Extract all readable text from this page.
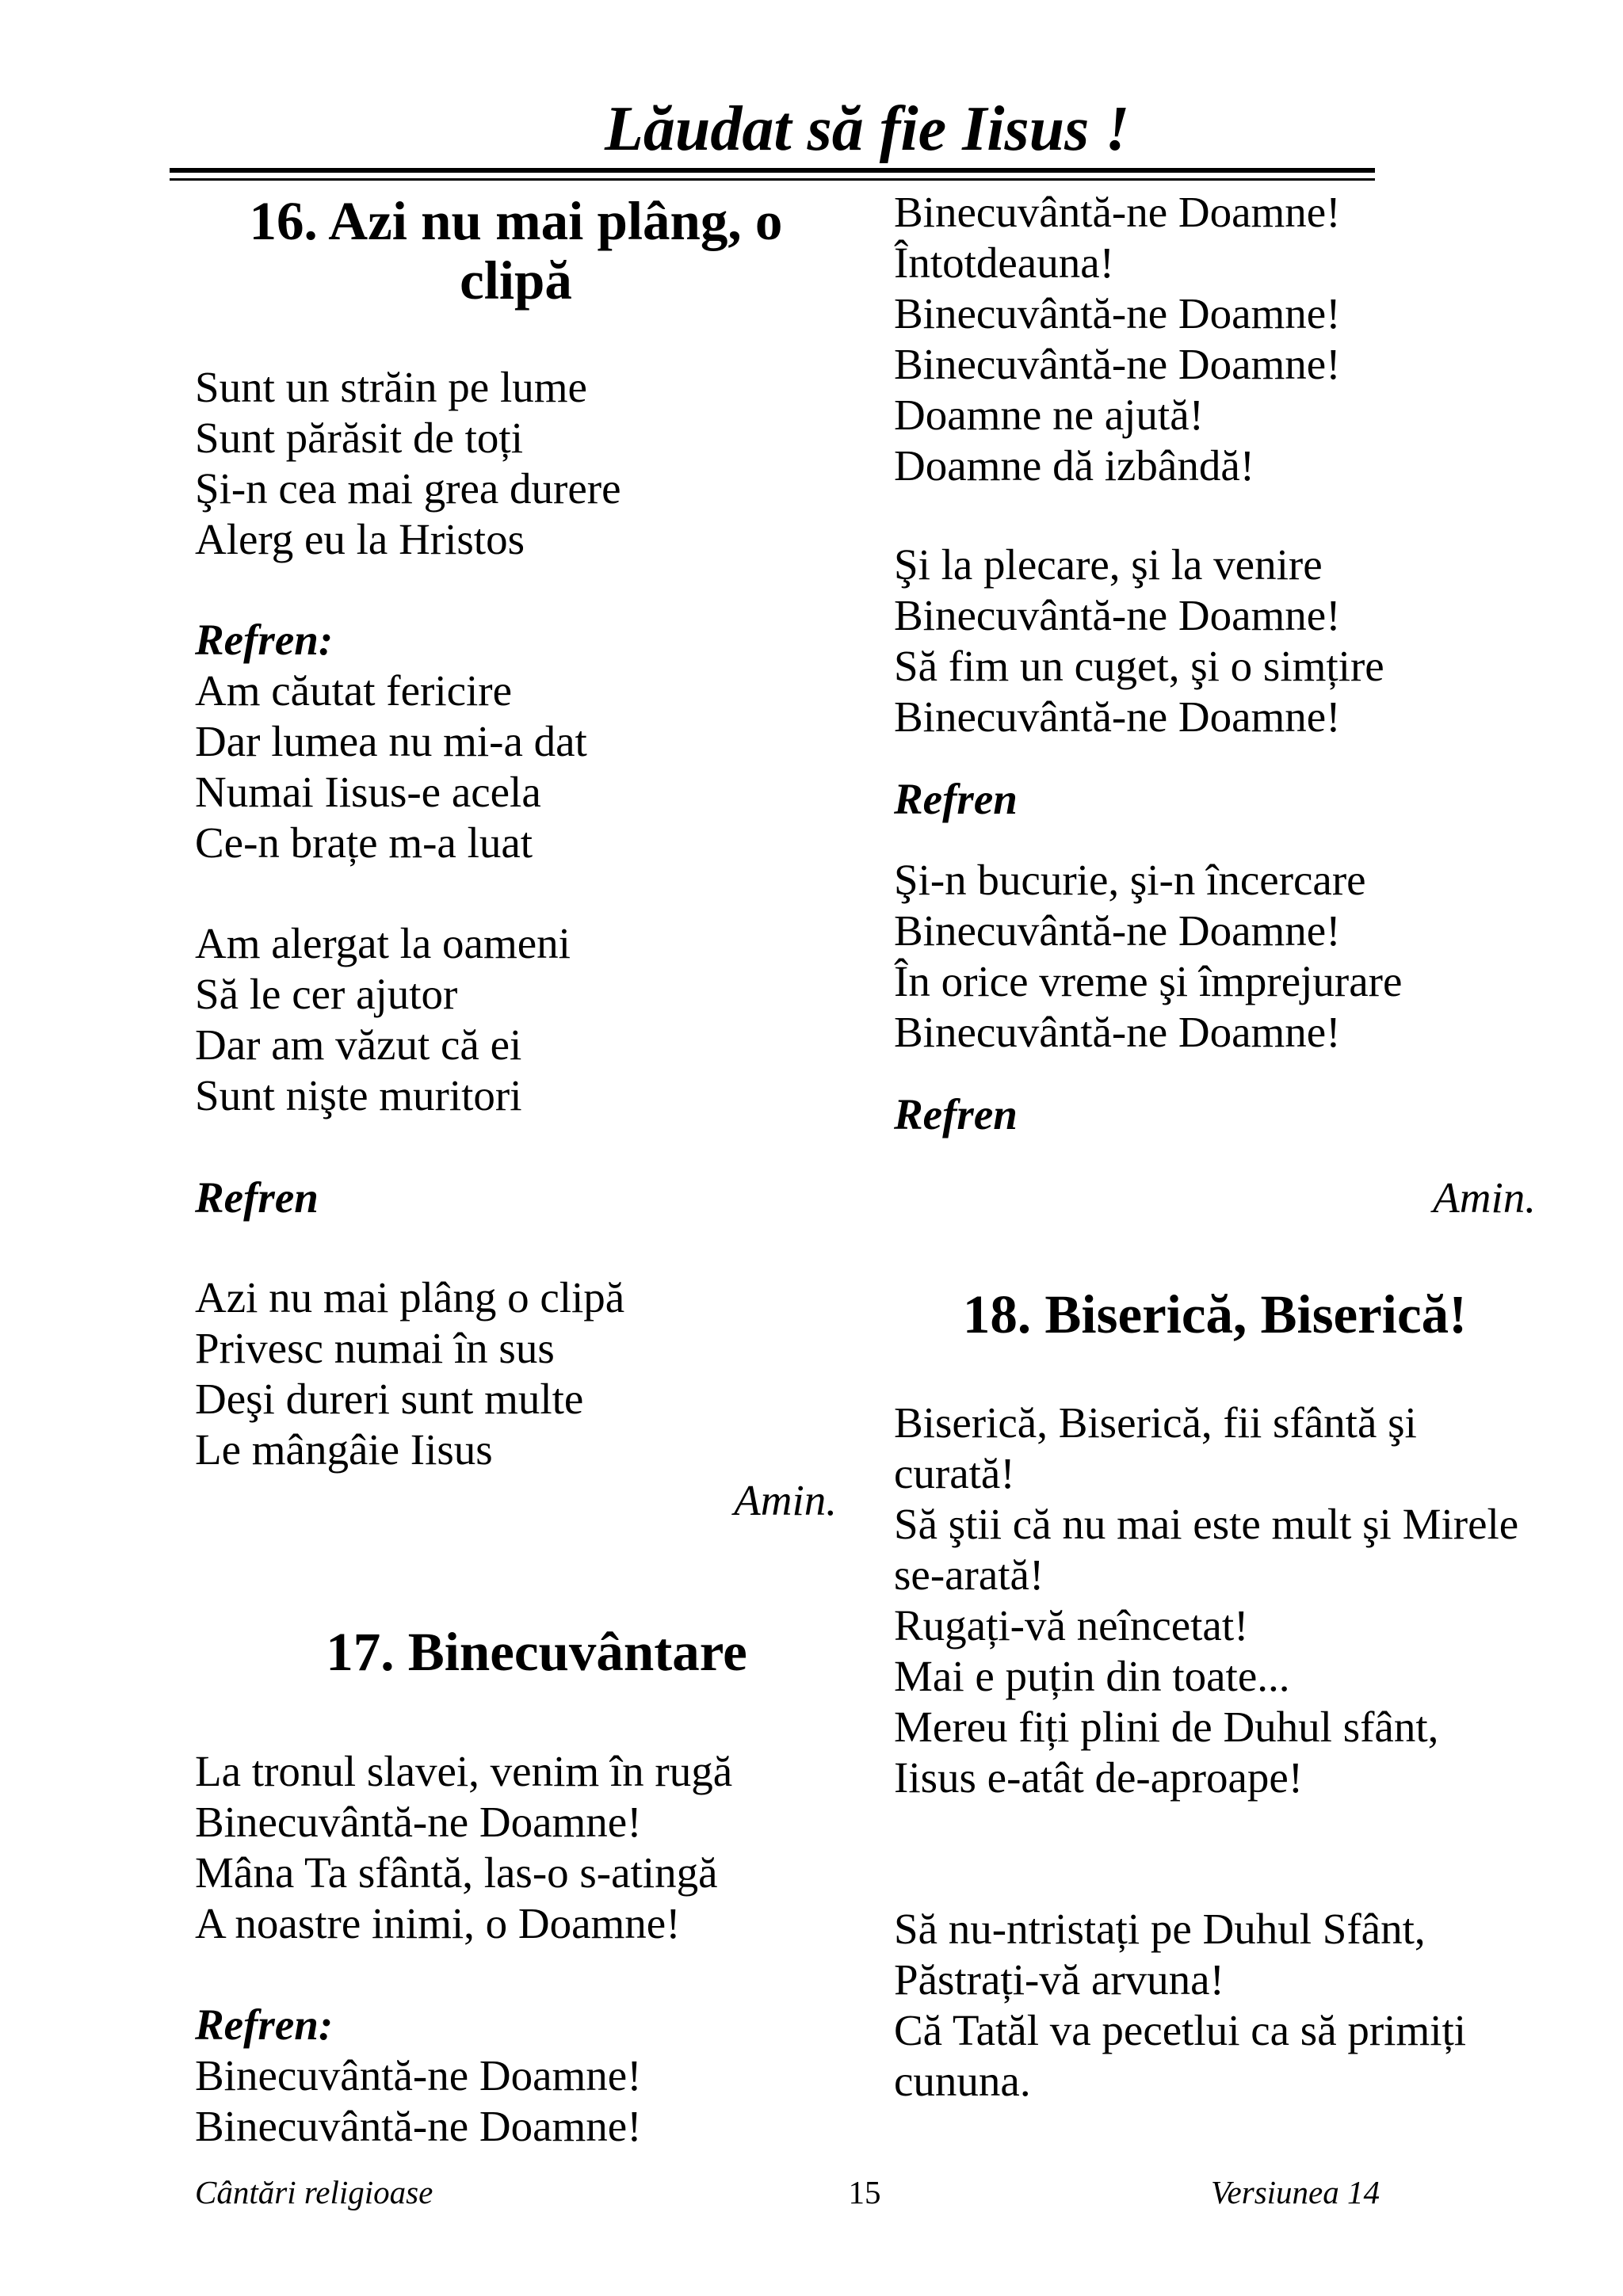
Lăudat să fie Iisus !
16. Azi nu mai plâng, o clipă
Sunt un străin pe lume
Sunt părăsit de toți
Şi-n cea mai grea durere
Alerg eu la Hristos
Refren:
Am căutat fericire
Dar lumea nu mi-a dat
Numai Iisus-e acela
Ce-n brațe m-a luat
Am alergat la oameni
Să le cer ajutor
Dar am văzut că ei
Sunt nişte muritori
Refren
Azi nu mai plâng o clipă
Privesc numai în sus
Deşi dureri sunt multe
Le mângâie Iisus
Amin.
17. Binecuvântare
La tronul slavei, venim în rugă
Binecuvântă-ne Doamne!
Mâna Ta sfântă, las-o s-atingă
A noastre inimi, o Doamne!
Refren:
Binecuvântă-ne Doamne!
Binecuvântă-ne Doamne!
Binecuvântă-ne Doamne!
Întotdeauna!
Binecuvântă-ne Doamne!
Binecuvântă-ne Doamne!
Doamne ne ajută!
Doamne dă izbândă!
Şi la plecare, şi la venire
Binecuvântă-ne Doamne!
Să fim un cuget, şi o simțire
Binecuvântă-ne Doamne!
Refren
Şi-n bucurie, şi-n încercare
Binecuvântă-ne Doamne!
În orice vreme şi împrejurare
Binecuvântă-ne Doamne!
Refren
Amin.
18. Biserică, Biserică!
Biserică, Biserică, fii sfântă şi curată!
Să ştii că nu mai este mult şi Mirele se-arată!
Rugați-vă neîncetat!
Mai e puțin din toate...
Mereu fiți plini de Duhul sfânt,
Iisus e-atât de-aproape!
Să nu-ntristați pe Duhul Sfânt,
Păstrați-vă arvuna!
Că Tatăl va pecetlui ca să primiți cununa.
Cântări religioase	15	Versiunea 14
